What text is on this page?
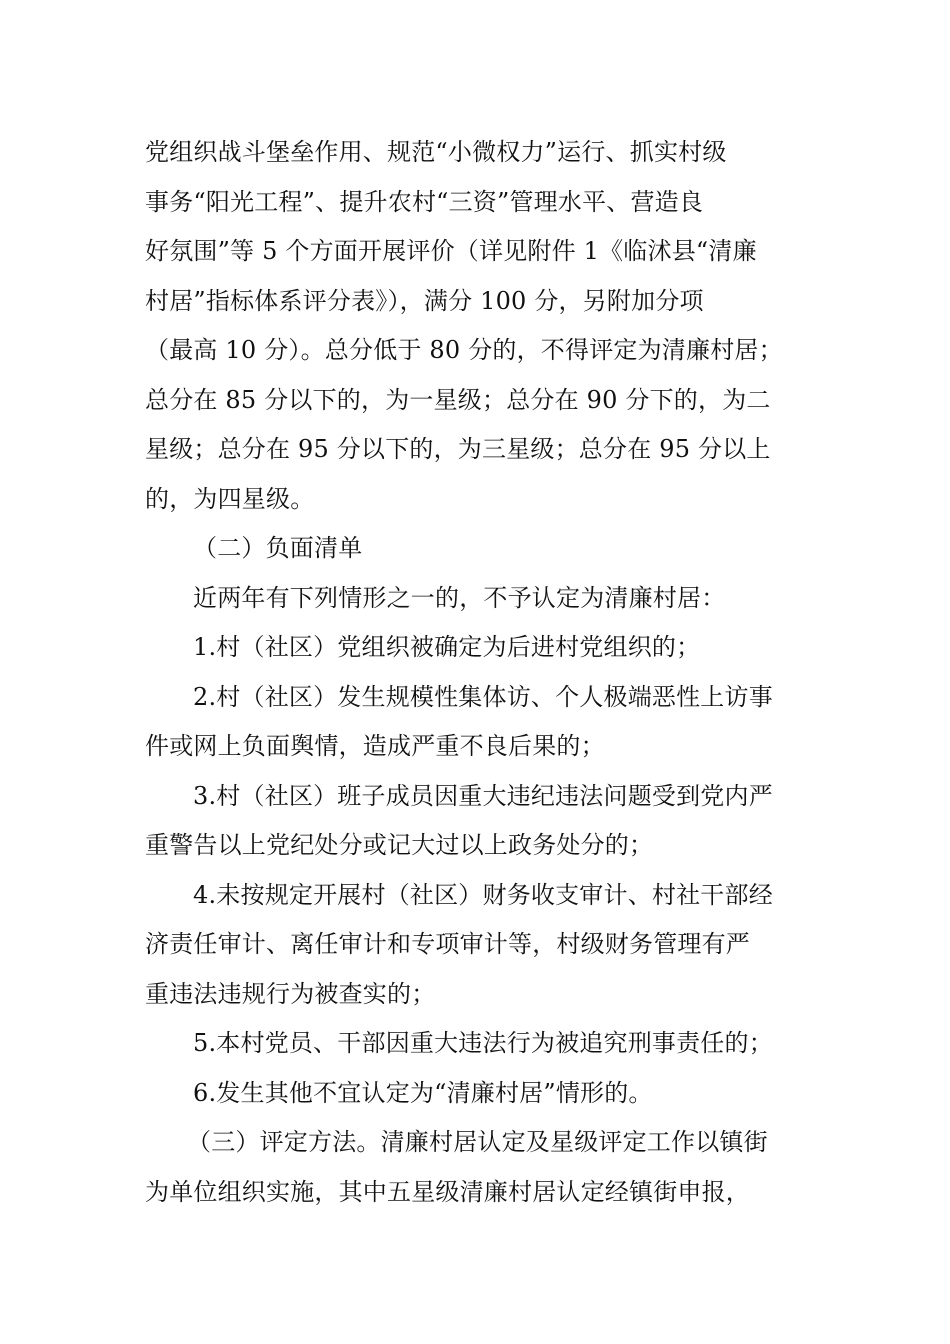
党组织战斗堡垒作用、规范“小微权力”运行、抓实村级
事务“阳光工程”、提升农村“三资”管理水平、营造良
好氛围”等 5 个方面开展评价（详见附件 1《临沭县“清廉
村居”指标体系评分表》），满分 100 分，另附加分项
（最高 10 分）。总分低于 80 分的，不得评定为清廉村居；
总分在 85 分以下的，为一星级；总分在 90 分下的，为二
星级；总分在 95 分以下的，为三星级；总分在 95 分以上
的，为四星级。
（二）负面清单
近两年有下列情形之一的，不予认定为清廉村居：
1.村（社区）党组织被确定为后进村党组织的；
2.村（社区）发生规模性集体访、个人极端恶性上访事
件或网上负面舆情，造成严重不良后果的；
3.村（社区）班子成员因重大违纪违法问题受到党内严
重警告以上党纪处分或记大过以上政务处分的；
4.未按规定开展村（社区）财务收支审计、村社干部经
济责任审计、离任审计和专项审计等，村级财务管理有严
重违法违规行为被查实的；
5.本村党员、干部因重大违法行为被追究刑事责任的；
6.发生其他不宜认定为“清廉村居”情形的。
（三）评定方法。清廉村居认定及星级评定工作以镇街
为单位组织实施，其中五星级清廉村居认定经镇街申报，
